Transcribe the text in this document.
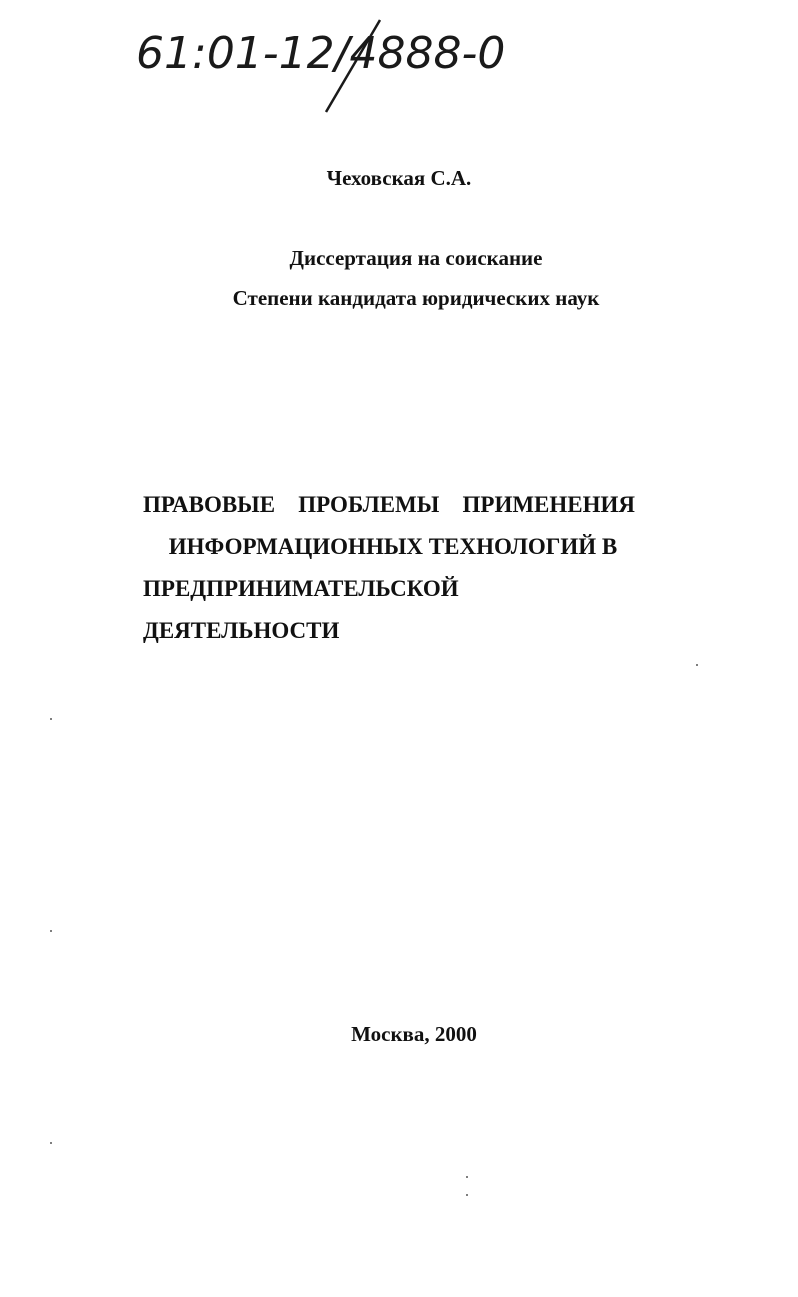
61:01-12/4888-0
Чеховская С.А.
Диссертация на соискание
Степени кандидата юридических наук
ПРАВОВЫЕ ПРОБЛЕМЫ ПРИМЕНЕНИЯ
ИНФОРМАЦИОННЫХ ТЕХНОЛОГИЙ В
ПРЕДПРИНИМАТЕЛЬСКОЙ ДЕЯТЕЛЬНОСТИ
Москва, 2000
